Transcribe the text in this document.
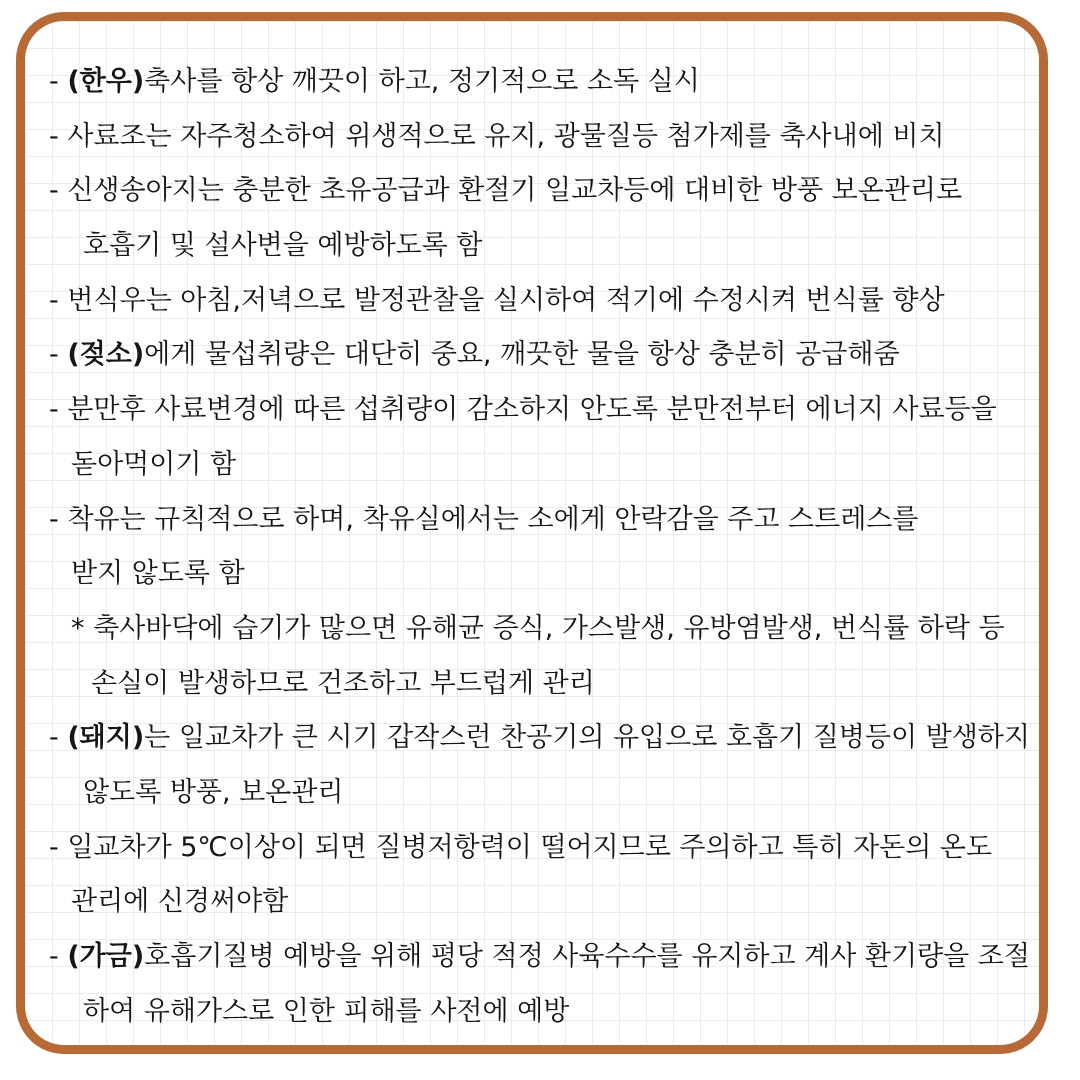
- (한우)축사를 항상 깨끗이 하고, 정기적으로 소독 실시
- 사료조는 자주청소하여 위생적으로 유지, 광물질등 첨가제를 축사내에 비치
- 신생송아지는 충분한 초유공급과 환절기 일교차등에 대비한 방풍 보온관리로
호흡기 및 설사변을 예방하도록 함
- 번식우는 아침,저녁으로 발정관찰을 실시하여 적기에 수정시켜 번식률 향상
- (젖소)에게 물섭취량은 대단히 중요, 깨끗한 물을 항상 충분히 공급해줌
- 분만후 사료변경에 따른 섭취량이 감소하지 안도록 분만전부터 에너지 사료등을
돋아먹이기 함
- 착유는 규칙적으로 하며, 착유실에서는 소에게 안락감을 주고 스트레스를
받지 않도록 함
* 축사바닥에 습기가 많으면 유해균 증식, 가스발생, 유방염발생, 번식률 하락 등
손실이 발생하므로 건조하고 부드럽게 관리
- (돼지)는 일교차가 큰 시기 갑작스런 찬공기의 유입으로 호흡기 질병등이 발생하지
않도록 방풍, 보온관리
- 일교차가 5℃이상이 되면 질병저항력이 떨어지므로 주의하고 특히 자돈의 온도
관리에 신경써야함
- (가금)호흡기질병 예방을 위해 평당 적정 사육수수를 유지하고 계사 환기량을 조절
하여 유해가스로 인한 피해를 사전에 예방
